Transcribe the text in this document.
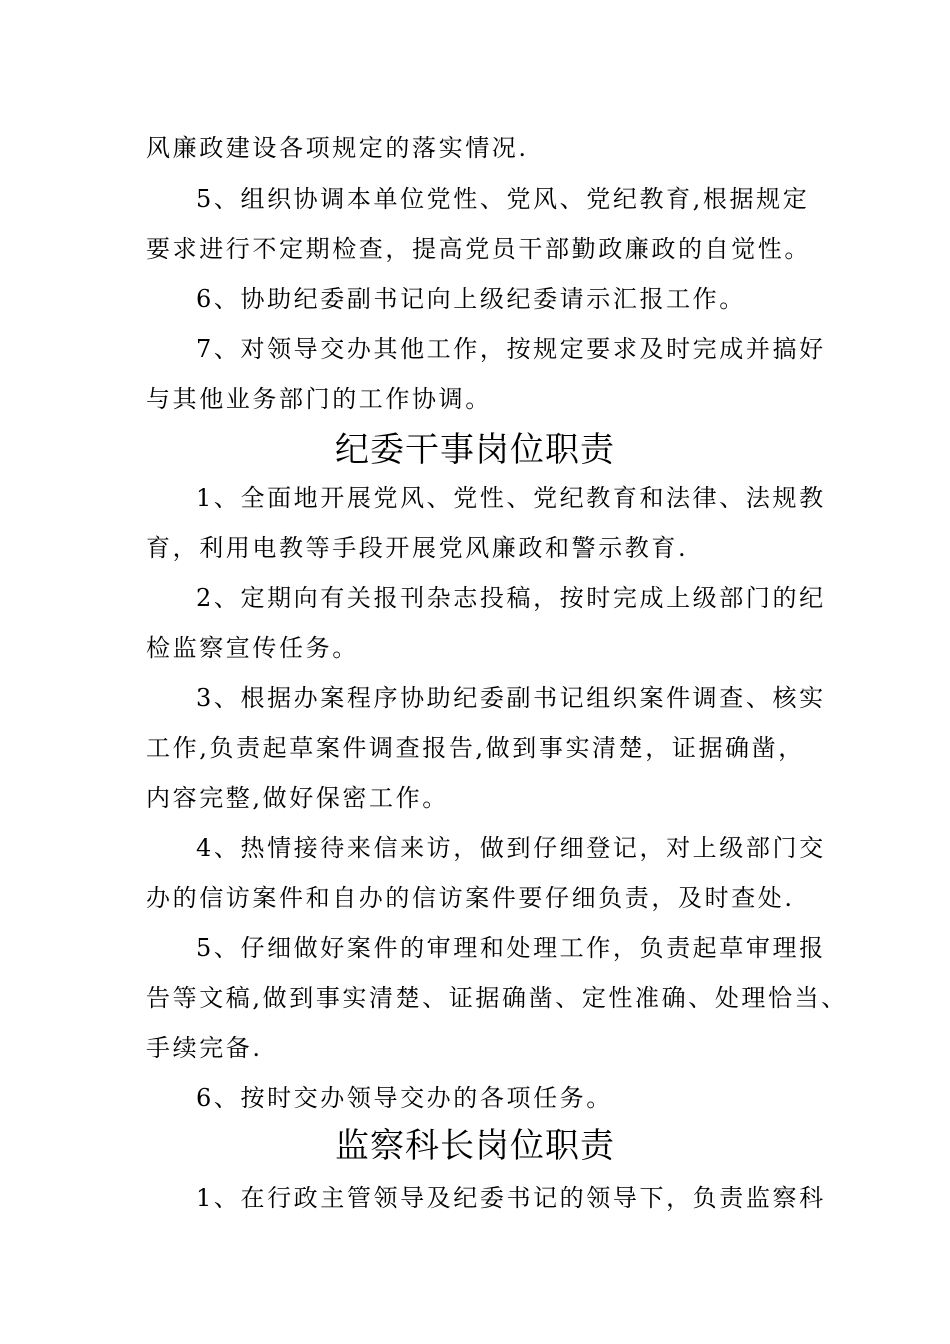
风廉政建设各项规定的落实情况.
5、组织协调本单位党性、党风、党纪教育,根据规定
要求进行不定期检查，提高党员干部勤政廉政的自觉性。
6、协助纪委副书记向上级纪委请示汇报工作。
7、对领导交办其他工作，按规定要求及时完成并搞好
与其他业务部门的工作协调。
纪委干事岗位职责
1、全面地开展党风、党性、党纪教育和法律、法规教
育，利用电教等手段开展党风廉政和警示教育.
2、定期向有关报刊杂志投稿，按时完成上级部门的纪
检监察宣传任务。
3、根据办案程序协助纪委副书记组织案件调查、核实
工作,负责起草案件调查报告,做到事实清楚，证据确凿，
内容完整,做好保密工作。
4、热情接待来信来访，做到仔细登记，对上级部门交
办的信访案件和自办的信访案件要仔细负责，及时查处.
5、仔细做好案件的审理和处理工作，负责起草审理报
告等文稿,做到事实清楚、证据确凿、定性准确、处理恰当、
手续完备.
6、按时交办领导交办的各项任务。
监察科长岗位职责
1、在行政主管领导及纪委书记的领导下，负责监察科
